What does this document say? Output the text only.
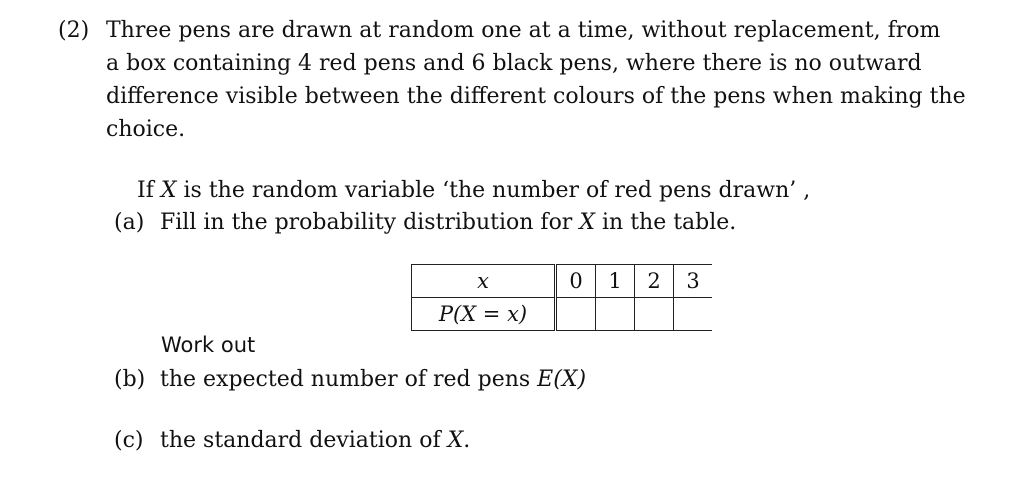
(2) Three pens are drawn at random one at a time, without replacement, from
a box containing 4 red pens and 6 black pens, where there is no outward
difference visible between the different colours of the pens when making the
choice.
If X is the random variable ‘the number of red pens drawn’ ,
(a) Fill in the probability distribution for X in the table.
x	0	1	2	3
P(X = x)				
Work out
(b) the expected number of red pens E(X)
(c) the standard deviation of X.
